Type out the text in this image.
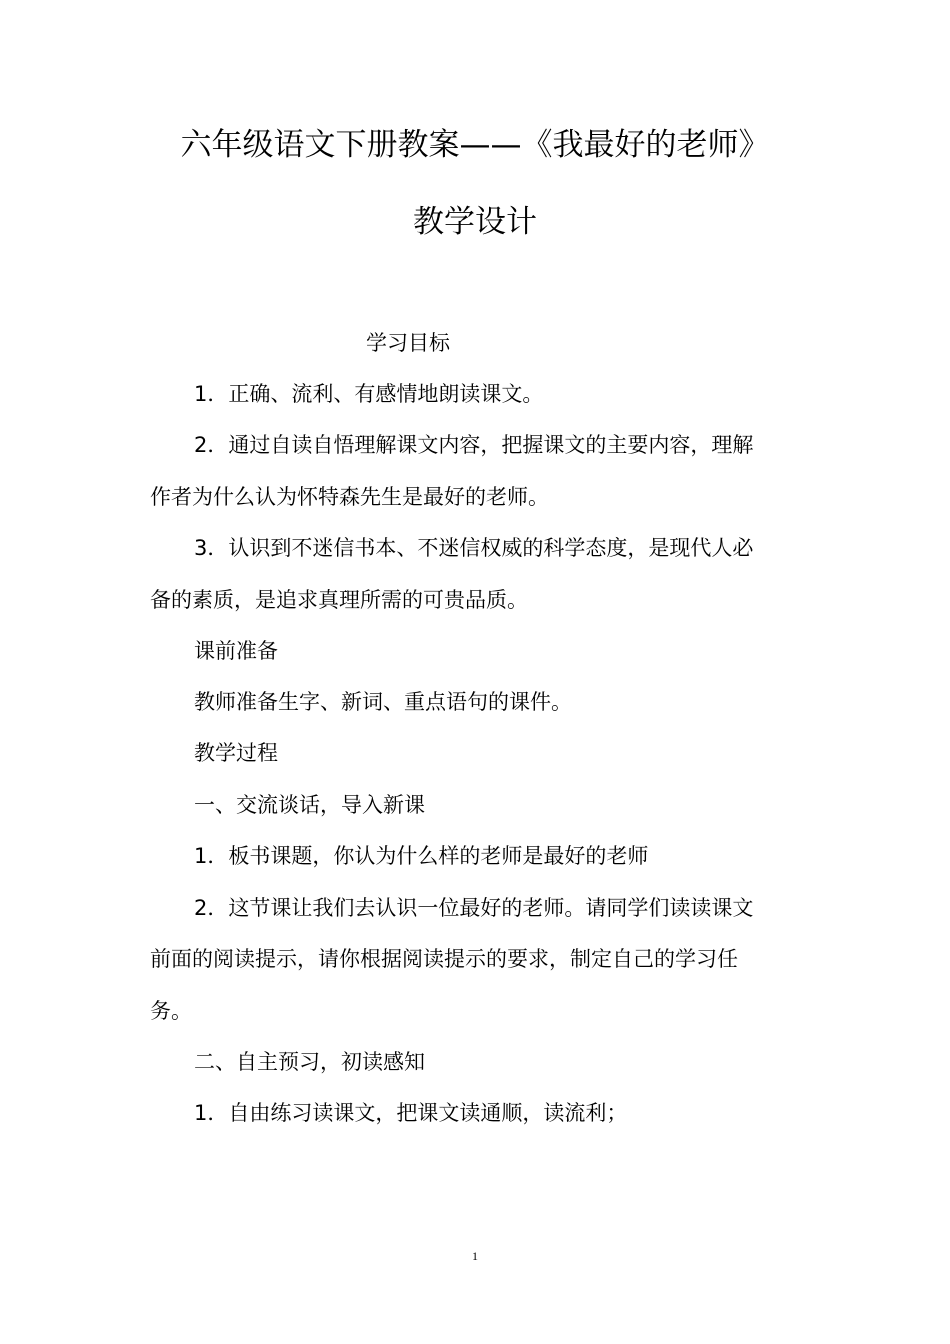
六年级语文下册教案——《我最好的老师》
教学设计
学习目标
1．正确、流利、有感情地朗读课文。
2．通过自读自悟理解课文内容，把握课文的主要内容，理解
作者为什么认为怀特森先生是最好的老师。
3．认识到不迷信书本、不迷信权威的科学态度，是现代人必
备的素质，是追求真理所需的可贵品质。
课前准备
教师准备生字、新词、重点语句的课件。
教学过程
一、交流谈话，导入新课
1．板书课题，你认为什么样的老师是最好的老师
2．这节课让我们去认识一位最好的老师。请同学们读读课文
前面的阅读提示，请你根据阅读提示的要求，制定自己的学习任
务。
二、自主预习，初读感知
1．自由练习读课文，把课文读通顺，读流利；
1
